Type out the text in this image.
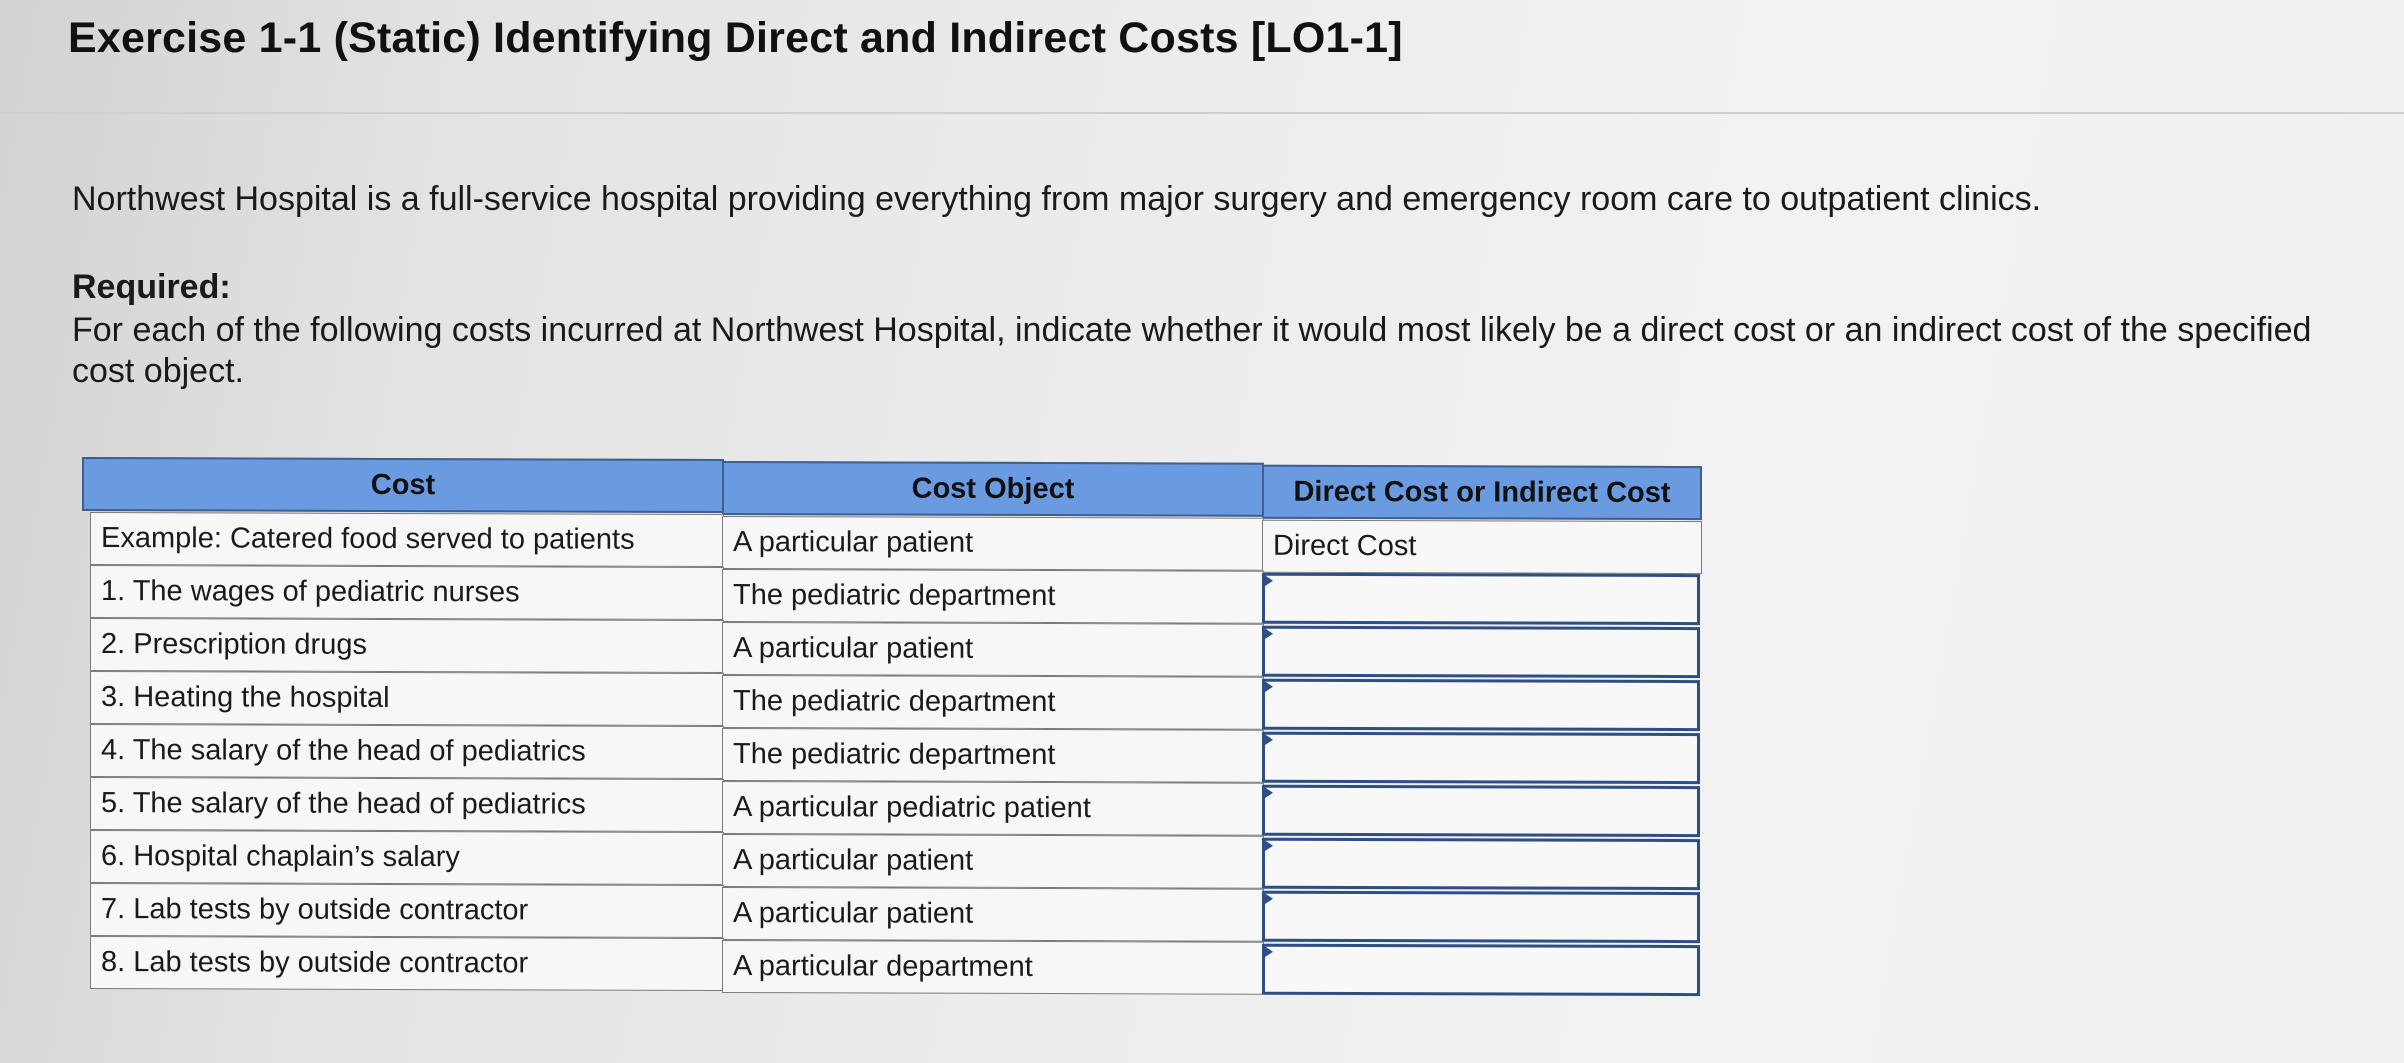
Exercise 1-1 (Static) Identifying Direct and Indirect Costs [LO1-1]
Northwest Hospital is a full-service hospital providing everything from major surgery and emergency room care to outpatient clinics.
Required:
For each of the following costs incurred at Northwest Hospital, indicate whether it would most likely be a direct cost or an indirect cost of the specified cost object.
Cost	Cost Object	Direct Cost or Indirect Cost
Example: Catered food served to patients	A particular patient	Direct Cost
1. The wages of pediatric nurses	The pediatric department
2. Prescription drugs	A particular patient
3. Heating the hospital	The pediatric department
4. The salary of the head of pediatrics	The pediatric department
5. The salary of the head of pediatrics	A particular pediatric patient
6. Hospital chaplain’s salary	A particular patient
7. Lab tests by outside contractor	A particular patient
8. Lab tests by outside contractor	A particular department
